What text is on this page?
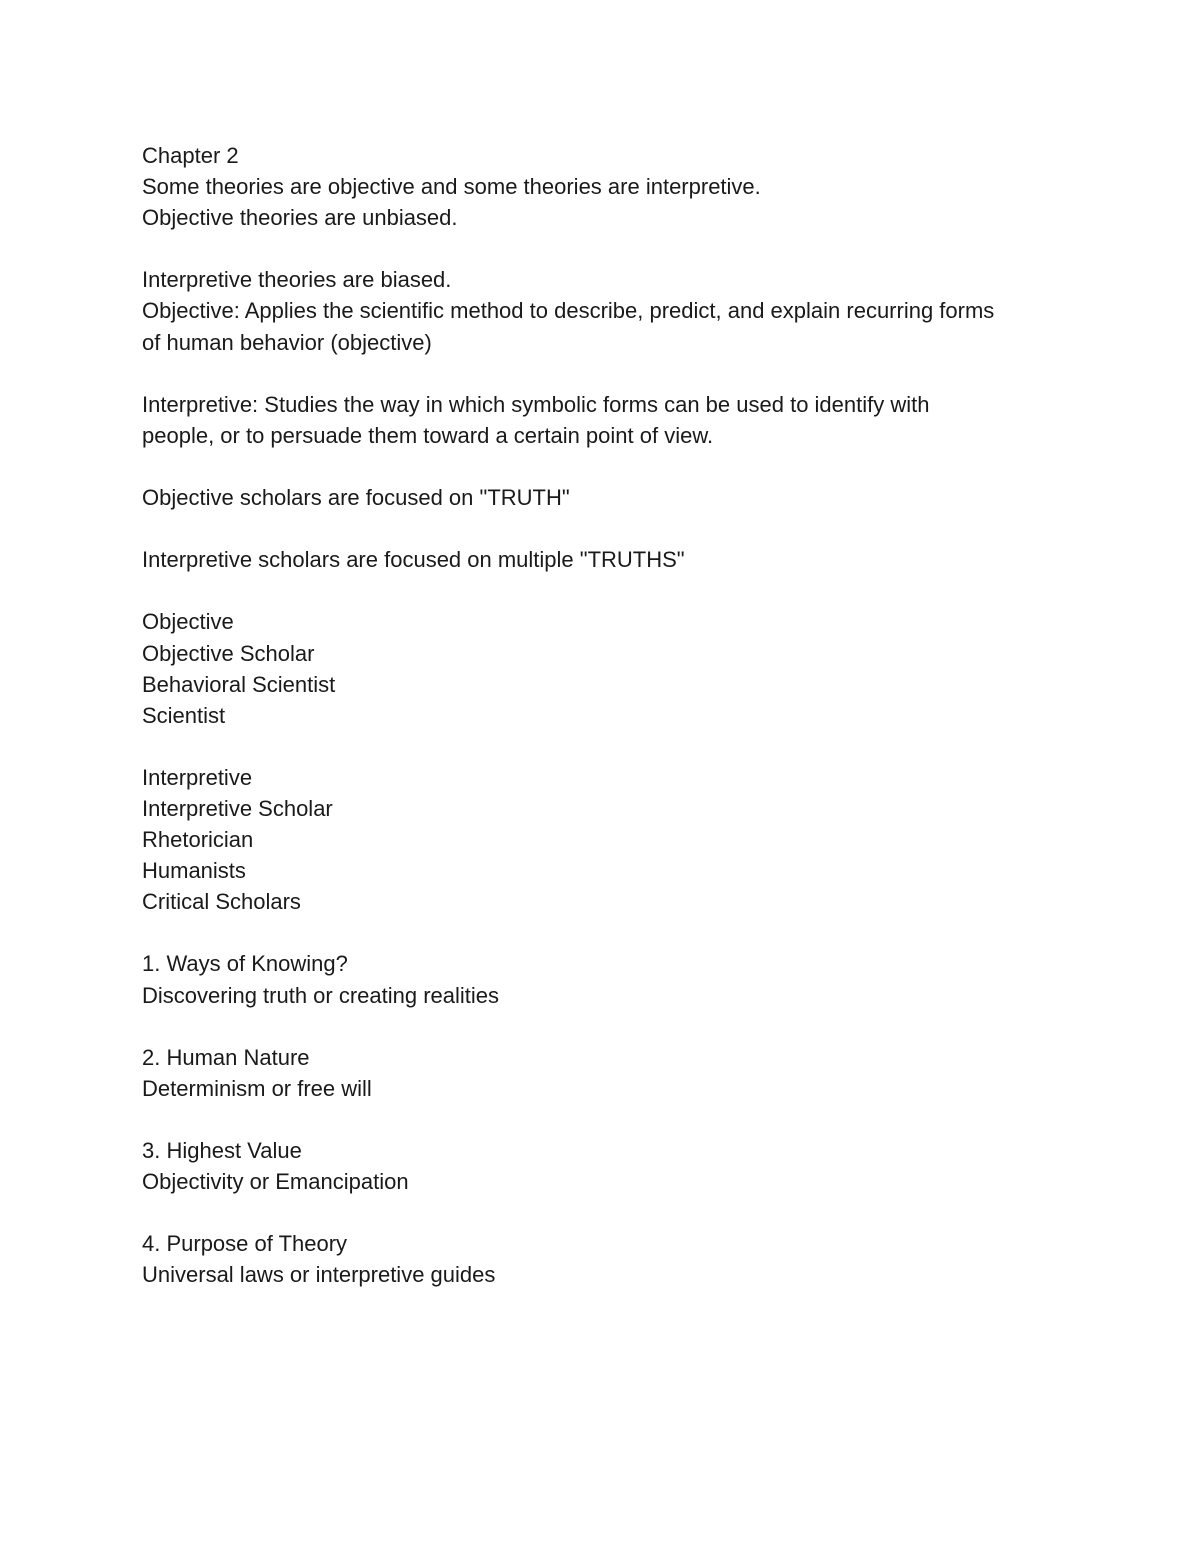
Chapter 2
Some theories are objective and some theories are interpretive.
Objective theories are unbiased.
Interpretive theories are biased.
Objective: Applies the scientific method to describe, predict, and explain recurring forms
of human behavior (objective)
Interpretive: Studies the way in which symbolic forms can be used to identify with
people, or to persuade them toward a certain point of view.
Objective scholars are focused on "TRUTH"
Interpretive scholars are focused on multiple "TRUTHS"
Objective
Objective Scholar
Behavioral Scientist
Scientist
Interpretive
Interpretive Scholar
Rhetorician
Humanists
Critical Scholars
1. Ways of Knowing?
Discovering truth or creating realities
2. Human Nature
Determinism or free will
3. Highest Value
Objectivity or Emancipation
4. Purpose of Theory
Universal laws or interpretive guides
